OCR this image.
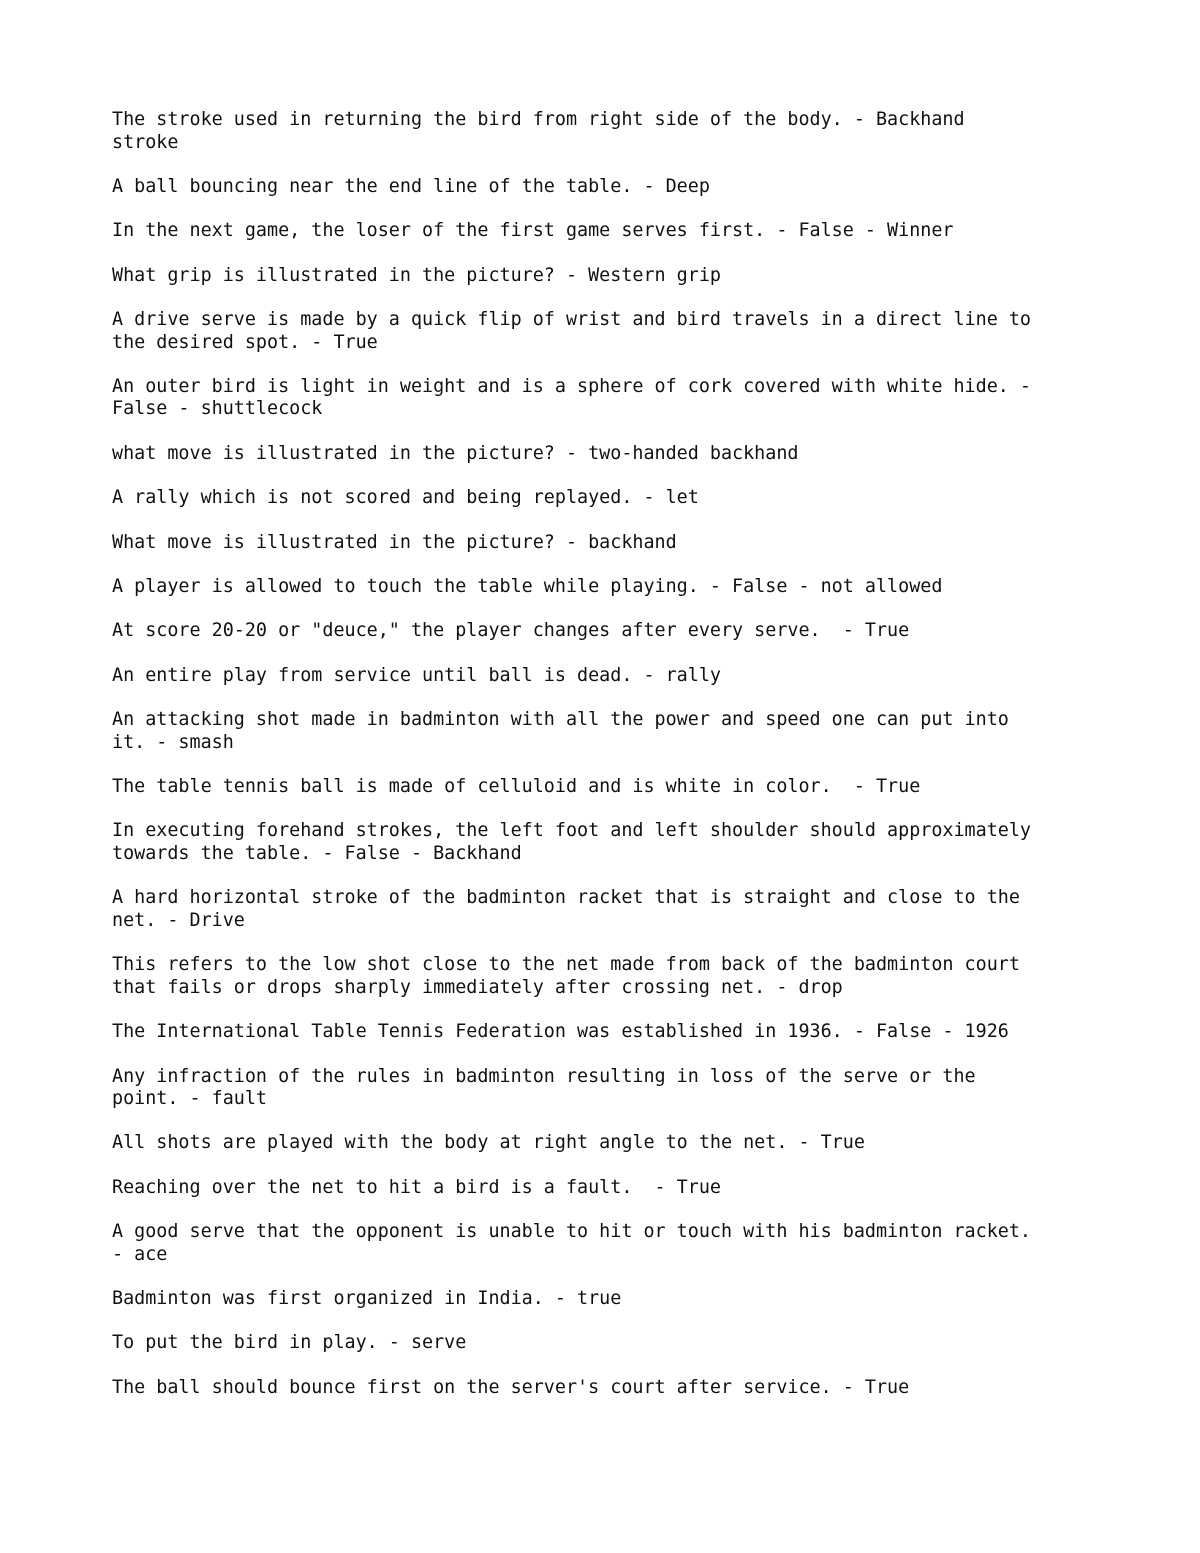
The stroke used in returning the bird from right side of the body. - Backhand
stroke

A ball bouncing near the end line of the table. - Deep

In the next game, the loser of the first game serves first. - False - Winner

What grip is illustrated in the picture? - Western grip

A drive serve is made by a quick flip of wrist and bird travels in a direct line to
the desired spot. - True

An outer bird is light in weight and is a sphere of cork covered with white hide. -
False - shuttlecock

what move is illustrated in the picture? - two-handed backhand

A rally which is not scored and being replayed. - let

What move is illustrated in the picture? - backhand

A player is allowed to touch the table while playing. - False - not allowed

At score 20-20 or "deuce," the player changes after every serve.  - True

An entire play from service until ball is dead. - rally

An attacking shot made in badminton with all the power and speed one can put into
it. - smash

The table tennis ball is made of celluloid and is white in color.  - True

In executing forehand strokes, the left foot and left shoulder should approximately
towards the table. - False - Backhand

A hard horizontal stroke of the badminton racket that is straight and close to the
net. - Drive

This refers to the low shot close to the net made from back of the badminton court
that fails or drops sharply immediately after crossing net. - drop

The International Table Tennis Federation was established in 1936. - False - 1926

Any infraction of the rules in badminton resulting in loss of the serve or the
point. - fault

All shots are played with the body at right angle to the net. - True

Reaching over the net to hit a bird is a fault.  - True

A good serve that the opponent is unable to hit or touch with his badminton racket.
- ace

Badminton was first organized in India. - true

To put the bird in play. - serve

The ball should bounce first on the server's court after service. - True
